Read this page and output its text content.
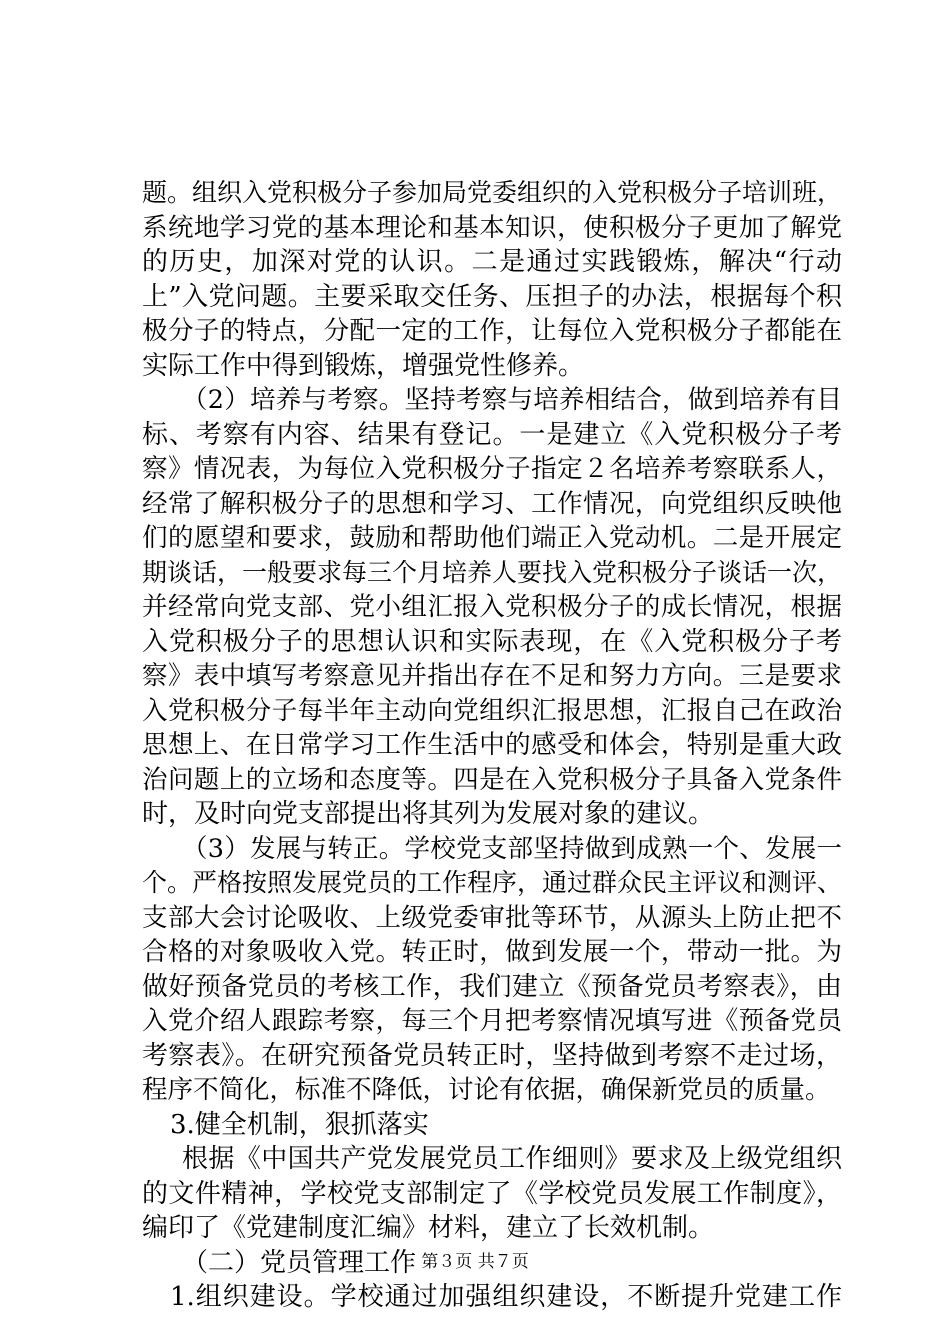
题。组织入党积极分子参加局党委组织的入党积极分子培训班，
系统地学习党的基本理论和基本知识，使积极分子更加了解党
的历史，加深对党的认识。二是通过实践锻炼，解决“行动
上”入党问题。主要采取交任务、压担子的办法，根据每个积
极分子的特点，分配一定的工作，让每位入党积极分子都能在
实际工作中得到锻炼，增强党性修养。
（2）培养与考察。坚持考察与培养相结合，做到培养有目
标、考察有内容、结果有登记。一是建立《入党积极分子考
察》情况表，为每位入党积极分子指定２名培养考察联系人，
经常了解积极分子的思想和学习、工作情况，向党组织反映他
们的愿望和要求，鼓励和帮助他们端正入党动机。二是开展定
期谈话，一般要求每三个月培养人要找入党积极分子谈话一次，
并经常向党支部、党小组汇报入党积极分子的成长情况，根据
入党积极分子的思想认识和实际表现，在《入党积极分子考
察》表中填写考察意见并指出存在不足和努力方向。三是要求
入党积极分子每半年主动向党组织汇报思想，汇报自己在政治
思想上、在日常学习工作生活中的感受和体会，特别是重大政
治问题上的立场和态度等。四是在入党积极分子具备入党条件
时，及时向党支部提出将其列为发展对象的建议。
（3）发展与转正。学校党支部坚持做到成熟一个、发展一
个。严格按照发展党员的工作程序，通过群众民主评议和测评、
支部大会讨论吸收、上级党委审批等环节，从源头上防止把不
合格的对象吸收入党。转正时，做到发展一个，带动一批。为
做好预备党员的考核工作，我们建立《预备党员考察表》，由
入党介绍人跟踪考察，每三个月把考察情况填写进《预备党员
考察表》。在研究预备党员转正时，坚持做到考察不走过场，
程序不简化，标准不降低，讨论有依据，确保新党员的质量。
3.健全机制，狠抓落实
根据《中国共产党发展党员工作细则》要求及上级党组织
的文件精神，学校党支部制定了《学校党员发展工作制度》，
编印了《党建制度汇编》材料，建立了长效机制。
（二）党员管理工作
1.组织建设。学校通过加强组织建设，不断提升党建工作
第３页 共７页
